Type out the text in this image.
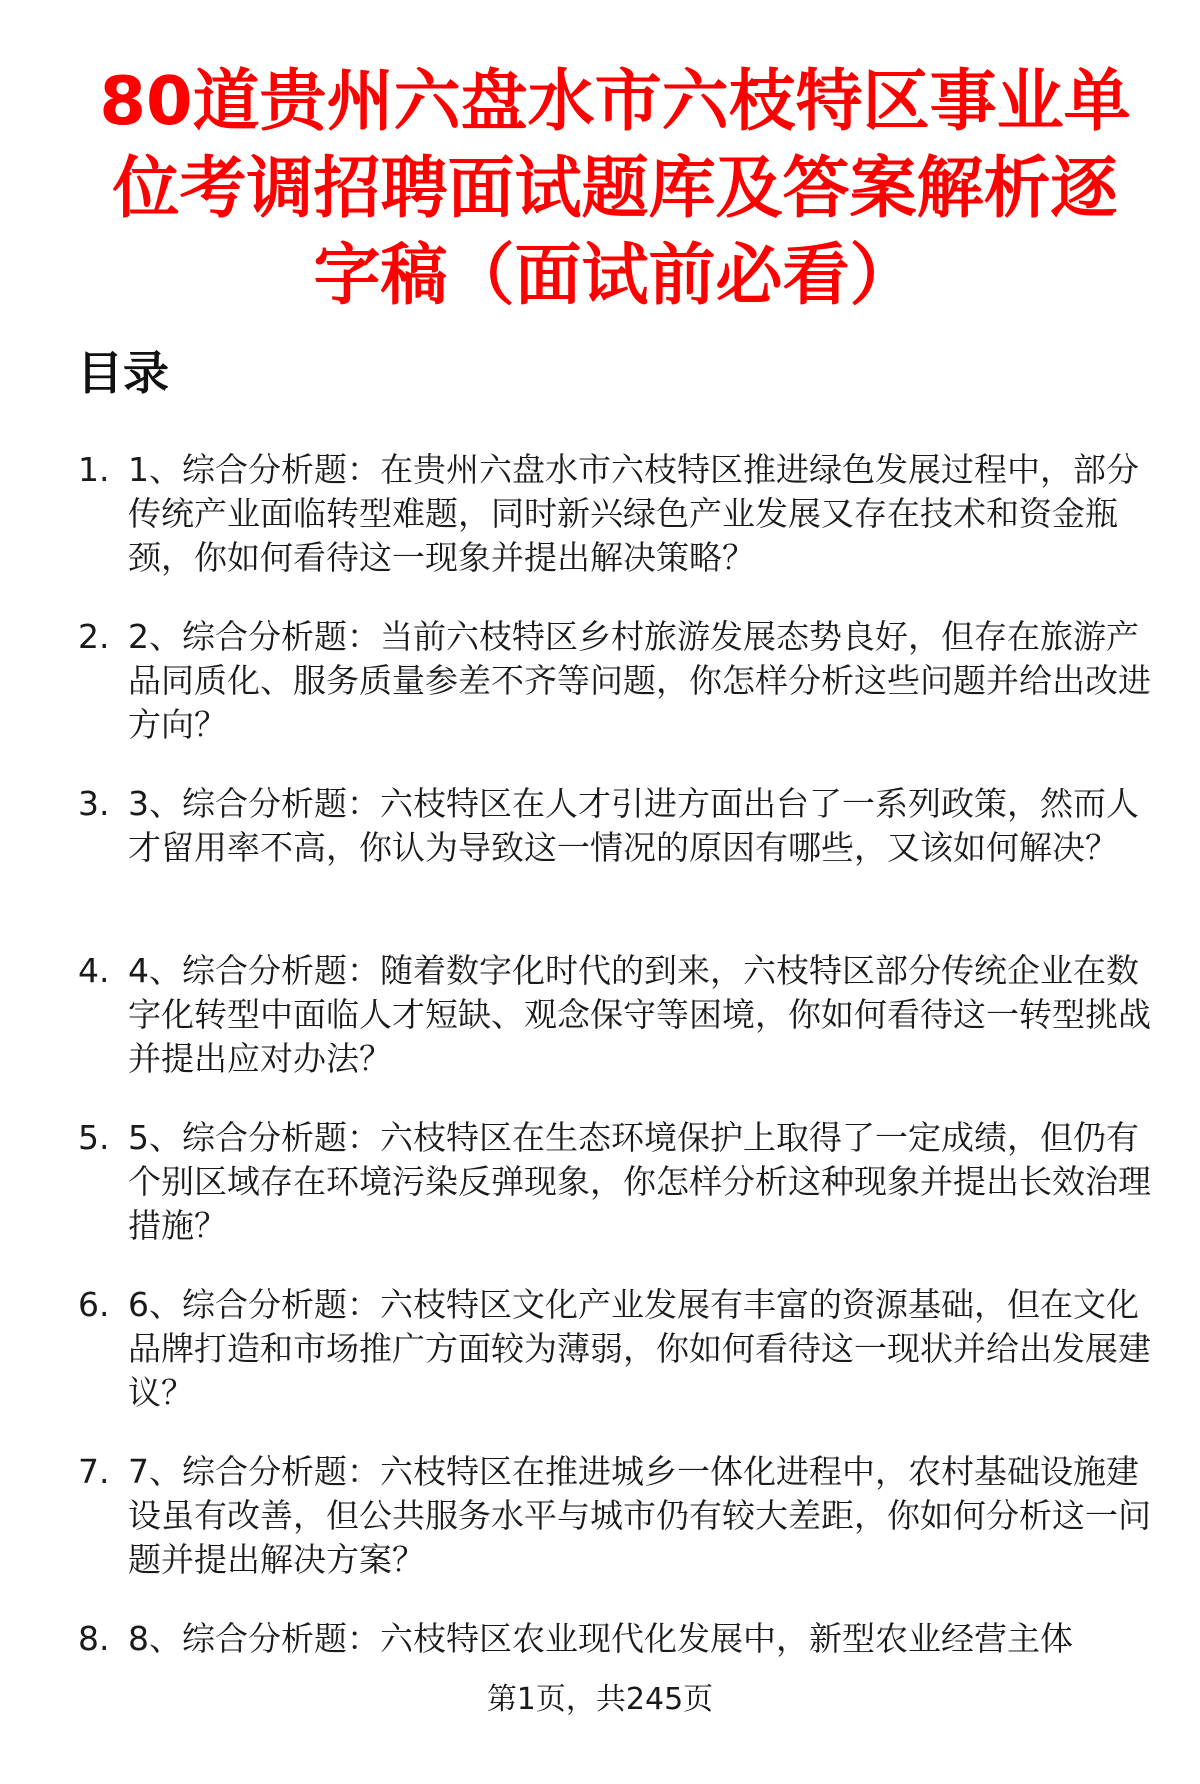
80道贵州六盘水市六枝特区事业单位考调招聘面试题库及答案解析逐字稿（面试前必看）
目录
1. 1、综合分析题：在贵州六盘水市六枝特区推进绿色发展过程中，部分传统产业面临转型难题，同时新兴绿色产业发展又存在技术和资金瓶颈，你如何看待这一现象并提出解决策略？
2. 2、综合分析题：当前六枝特区乡村旅游发展态势良好，但存在旅游产品同质化、服务质量参差不齐等问题，你怎样分析这些问题并给出改进方向？
3. 3、综合分析题：六枝特区在人才引进方面出台了一系列政策，然而人才留用率不高，你认为导致这一情况的原因有哪些，又该如何解决？
4. 4、综合分析题：随着数字化时代的到来，六枝特区部分传统企业在数字化转型中面临人才短缺、观念保守等困境，你如何看待这一转型挑战并提出应对办法？
5. 5、综合分析题：六枝特区在生态环境保护上取得了一定成绩，但仍有个别区域存在环境污染反弹现象，你怎样分析这种现象并提出长效治理措施？
6. 6、综合分析题：六枝特区文化产业发展有丰富的资源基础，但在文化品牌打造和市场推广方面较为薄弱，你如何看待这一现状并给出发展建议？
7. 7、综合分析题：六枝特区在推进城乡一体化进程中，农村基础设施建设虽有改善，但公共服务水平与城市仍有较大差距，你如何分析这一问题并提出解决方案？
8. 8、综合分析题：六枝特区农业现代化发展中，新型农业经营主体
第1页，共245页
